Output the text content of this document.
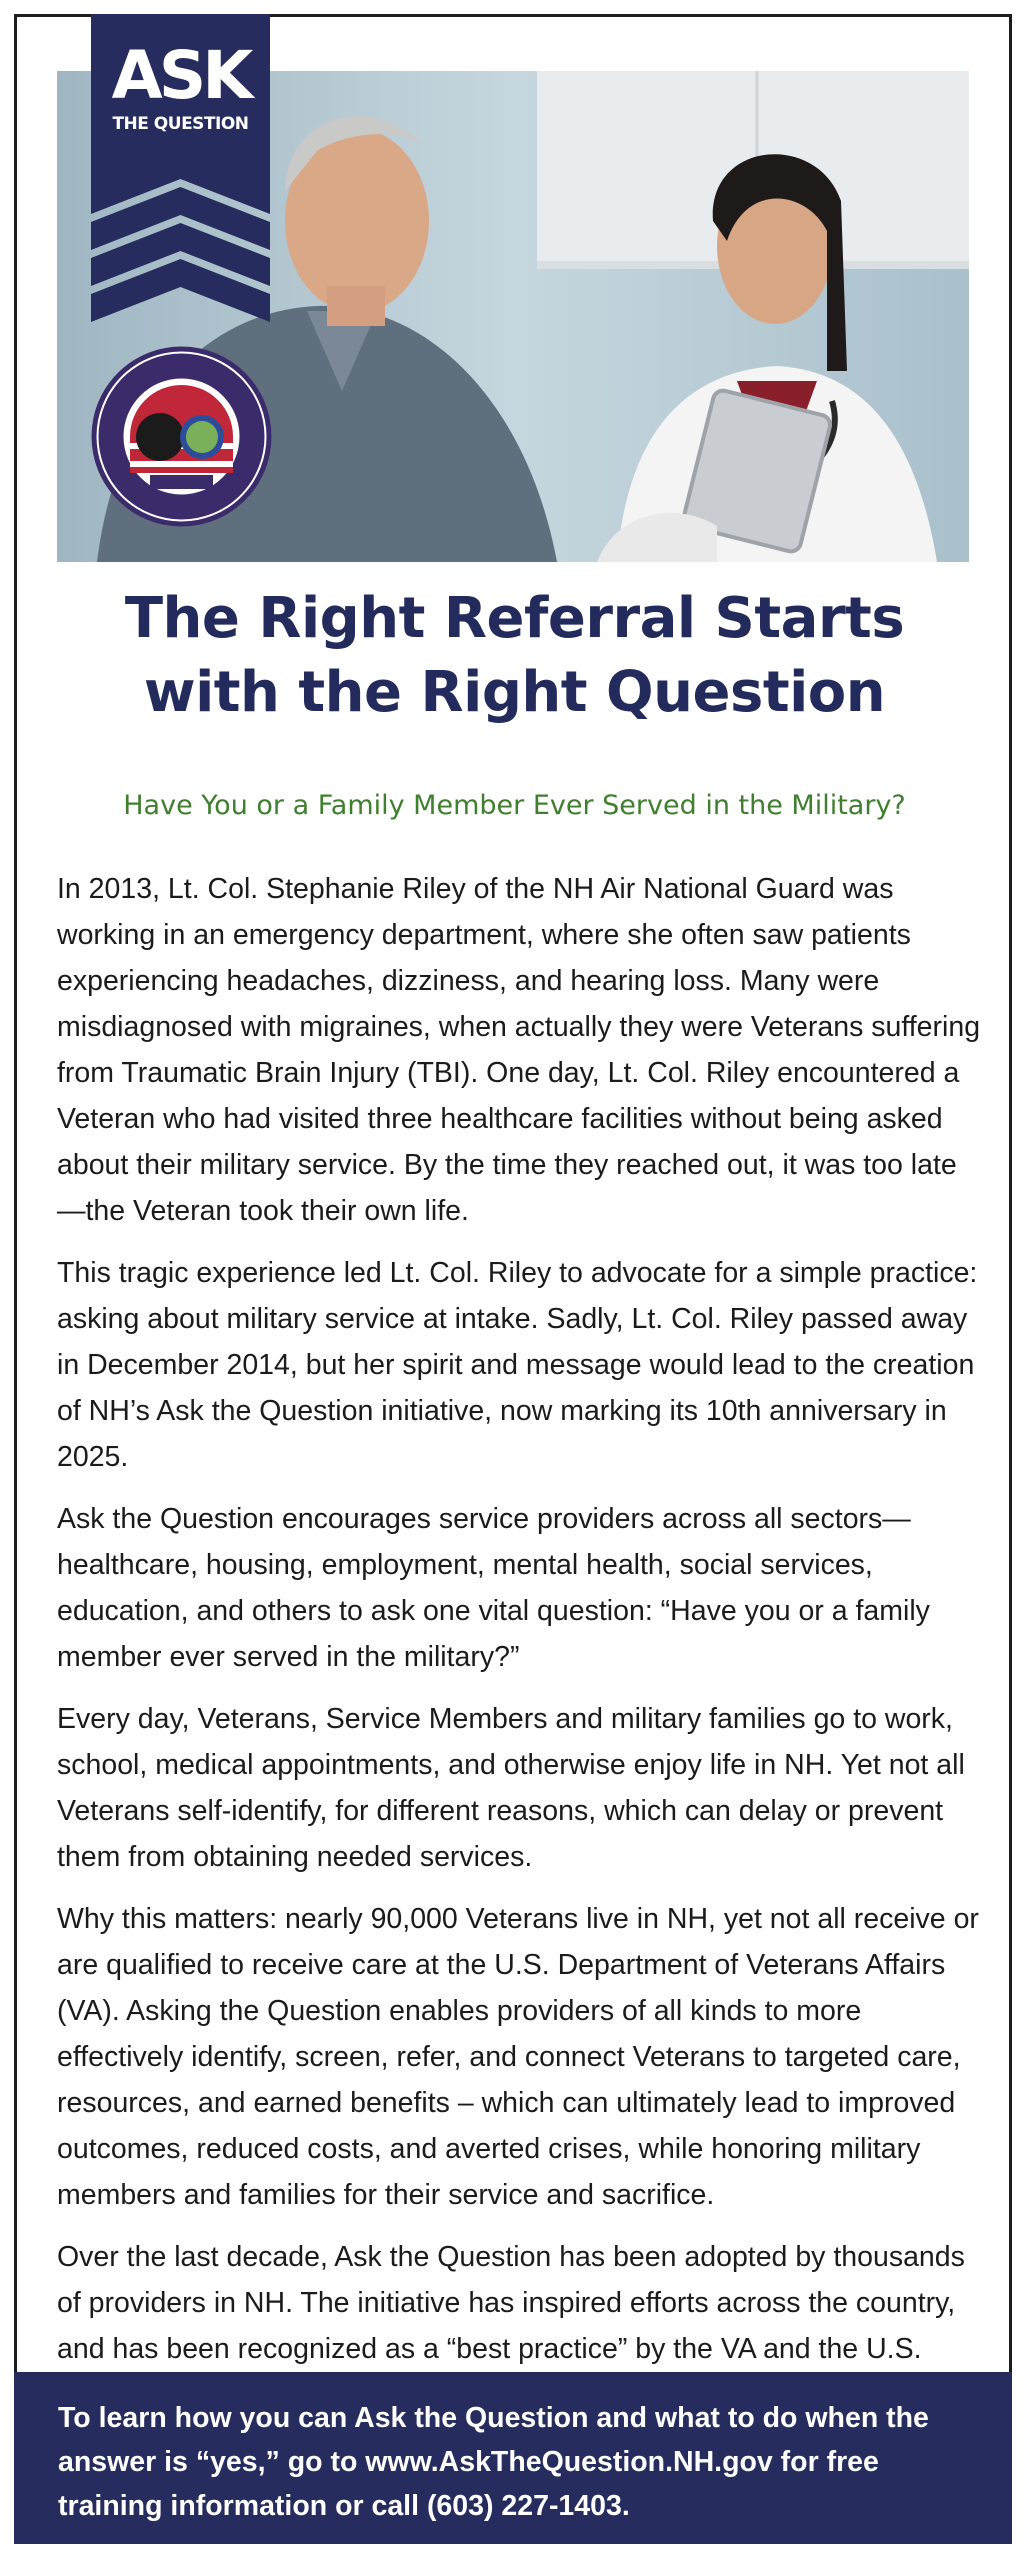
ASK
THE QUESTION
The Right Referral Starts
with the Right Question

Have You or a Family Member Ever Served in the Military?

In 2013, Lt. Col. Stephanie Riley of the NH Air National Guard was working in an emergency department, where she often saw patients experiencing headaches, dizziness, and hearing loss. Many were misdiagnosed with migraines, when actually they were Veterans suffering from Traumatic Brain Injury (TBI). One day, Lt. Col. Riley encountered a Veteran who had visited three healthcare facilities without being asked about their military service. By the time they reached out, it was too late—the Veteran took their own life.

This tragic experience led Lt. Col. Riley to advocate for a simple practice: asking about military service at intake. Sadly, Lt. Col. Riley passed away in December 2014, but her spirit and message would lead to the creation of NH’s Ask the Question initiative, now marking its 10th anniversary in 2025.

Ask the Question encourages service providers across all sectors—healthcare, housing, employment, mental health, social services, education, and others to ask one vital question: “Have you or a family member ever served in the military?”

Every day, Veterans, Service Members and military families go to work, school, medical appointments, and otherwise enjoy life in NH. Yet not all Veterans self-identify, for different reasons, which can delay or prevent them from obtaining needed services.

Why this matters: nearly 90,000 Veterans live in NH, yet not all receive or are qualified to receive care at the U.S. Department of Veterans Affairs (VA). Asking the Question enables providers of all kinds to more effectively identify, screen, refer, and connect Veterans to targeted care, resources, and earned benefits – which can ultimately lead to improved outcomes, reduced costs, and averted crises, while honoring military members and families for their service and sacrifice.

Over the last decade, Ask the Question has been adopted by thousands of providers in NH. The initiative has inspired efforts across the country, and has been recognized as a “best practice” by the VA and the U.S.

To learn how you can Ask the Question and what to do when the answer is “yes,” go to www.AskTheQuestion.NH.gov for free training information or call (603) 227-1403.
